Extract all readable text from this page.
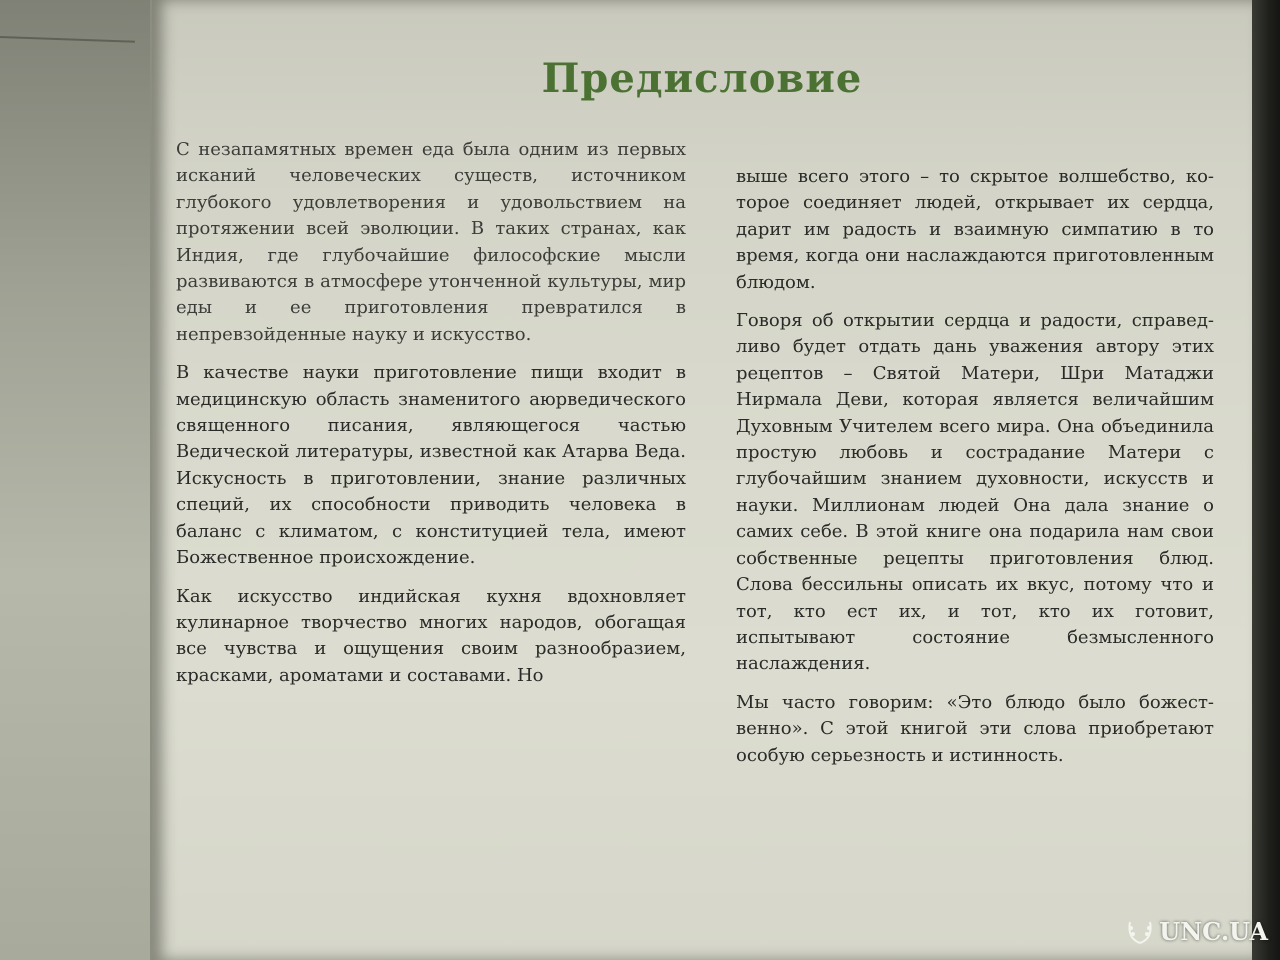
Предисловие

С незапамятных времен еда была одним из первых исканий человеческих существ, источником глубокого удовлетворения и удовольствием на протяжении всей эволюции. В таких странах, как Индия, где глубочайшие философские мысли развиваются в атмосфере утонченной культуры, мир еды и ее приготовления превратился в непревзойденные науку и искусство.

В качестве науки приготовление пищи входит в медицинскую область знаменитого аюрведического священного писания, являющегося частью Ведической литературы, известной как Атарва Веда. Искусность в приготовлении, знание различных специй, их способности приводить человека в баланс с климатом, с конституцией тела, имеют Божественное происхождение.

Как искусство индийская кухня вдохновляет кулинарное творчество многих народов, обогащая все чувства и ощущения своим разнообразием, красками, ароматами и составами. Но

выше всего этого – то скрытое волшебство, которое соединяет людей, открывает их сердца, дарит им радость и взаимную симпатию в то время, когда они наслаждаются приготовленным блюдом.

Говоря об открытии сердца и радости, справедливо будет отдать дань уважения автору этих рецептов – Святой Матери, Шри Матаджи Нирмала Деви, которая является величайшим Духовным Учителем всего мира. Она объединила простую любовь и сострадание Матери с глубочайшим знанием духовности, искусств и науки. Миллионам людей Она дала знание о самих себе. В этой книге она подарила нам свои собственные рецепты приготовления блюд. Слова бессильны описать их вкус, потому что и тот, кто ест их, и тот, кто их готовит, испытывают состояние безмысленного наслаждения.

Мы часто говорим: «Это блюдо было божественно». С этой книгой эти слова приобретают особую серьезность и истинность.

UNC.UA
